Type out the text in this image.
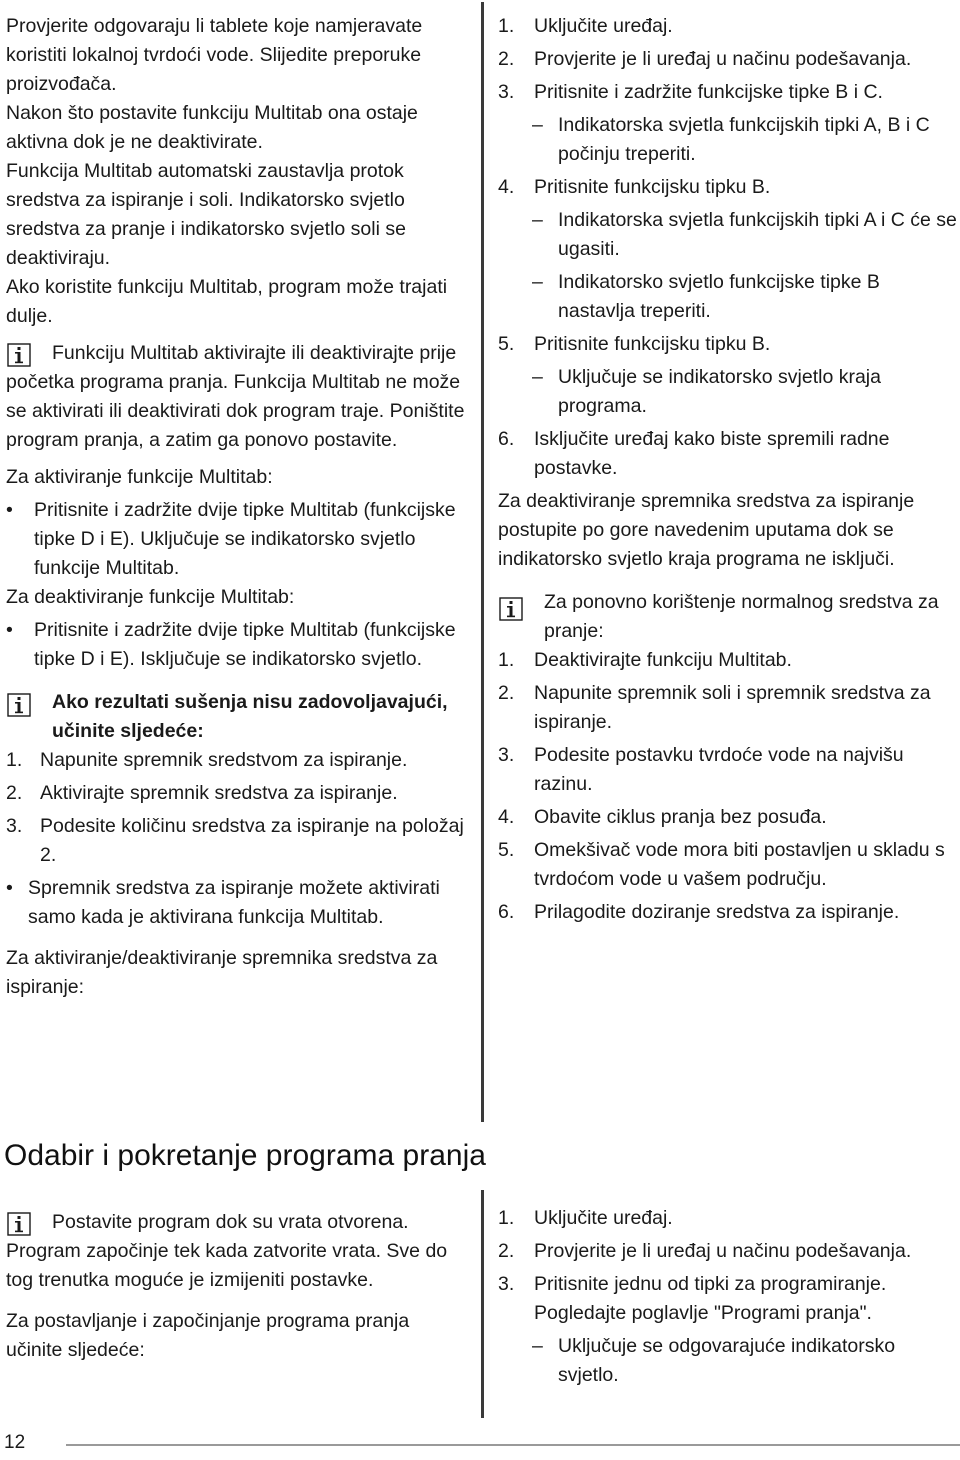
Provjerite odgovaraju li tablete koje namjeravate koristiti lokalnoj tvrdoći vode. Slijedite preporuke proizvođača.

Nakon što postavite funkciju Multitab ona ostaje aktivna dok je ne deaktivirate.

Funkcija Multitab automatski zaustavlja protok sredstva za ispiranje i soli. Indikatorsko svjetlo sredstva za pranje i indikatorsko svjetlo soli se deaktiviraju.

Ako koristite funkciju Multitab, program može trajati dulje.

Funkciju Multitab aktivirajte ili deaktivirajte prije početka programa pranja. Funkcija Multitab ne može se aktivirati ili deaktivirati dok program traje. Poništite program pranja, a zatim ga ponovo postavite.

Za aktiviranje funkcije Multitab:

• Pritisnite i zadržite dvije tipke Multitab (funkcijske tipke D i E). Uključuje se indikatorsko svjetlo funkcije Multitab.

Za deaktiviranje funkcije Multitab:

• Pritisnite i zadržite dvije tipke Multitab (funkcijske tipke D i E). Isključuje se indikatorsko svjetlo.

Ako rezultati sušenja nisu zadovoljavajući, učinite sljedeće:

1. Napunite spremnik sredstvom za ispiranje.
2. Aktivirajte spremnik sredstva za ispiranje.
3. Podesite količinu sredstva za ispiranje na položaj 2.
• Spremnik sredstva za ispiranje možete aktivirati samo kada je aktivirana funkcija Multitab.

Za aktiviranje/deaktiviranje spremnika sredstva za ispiranje:

1. Uključite uređaj.
2. Provjerite je li uređaj u načinu podešavanja.
3. Pritisnite i zadržite funkcijske tipke B i C.
– Indikatorska svjetla funkcijskih tipki A, B i C počinju treperiti.
4. Pritisnite funkcijsku tipku B.
– Indikatorska svjetla funkcijskih tipki A i C će se ugasiti.
– Indikatorsko svjetlo funkcijske tipke B nastavlja treperiti.
5. Pritisnite funkcijsku tipku B.
– Uključuje se indikatorsko svjetlo kraja programa.
6. Isključite uređaj kako biste spremili radne postavke.

Za deaktiviranje spremnika sredstva za ispiranje postupite po gore navedenim uputama dok se indikatorsko svjetlo kraja programa ne isključi.

Za ponovno korištenje normalnog sredstva za pranje:

1. Deaktivirajte funkciju Multitab.
2. Napunite spremnik soli i spremnik sredstva za ispiranje.
3. Podesite postavku tvrdoće vode na najvišu razinu.
4. Obavite ciklus pranja bez posuđa.
5. Omekšivač vode mora biti postavljen u skladu s tvrdoćom vode u vašem području.
6. Prilagodite doziranje sredstva za ispiranje.
Odabir i pokretanje programa pranja

Postavite program dok su vrata otvorena. Program započinje tek kada zatvorite vrata. Sve do tog trenutka moguće je izmijeniti postavke.

Za postavljanje i započinjanje programa pranja učinite sljedeće:

1. Uključite uređaj.
2. Provjerite je li uređaj u načinu podešavanja.
3. Pritisnite jednu od tipki za programiranje. Pogledajte poglavlje "Programi pranja".
– Uključuje se odgovarajuće indikatorsko svjetlo.
12
